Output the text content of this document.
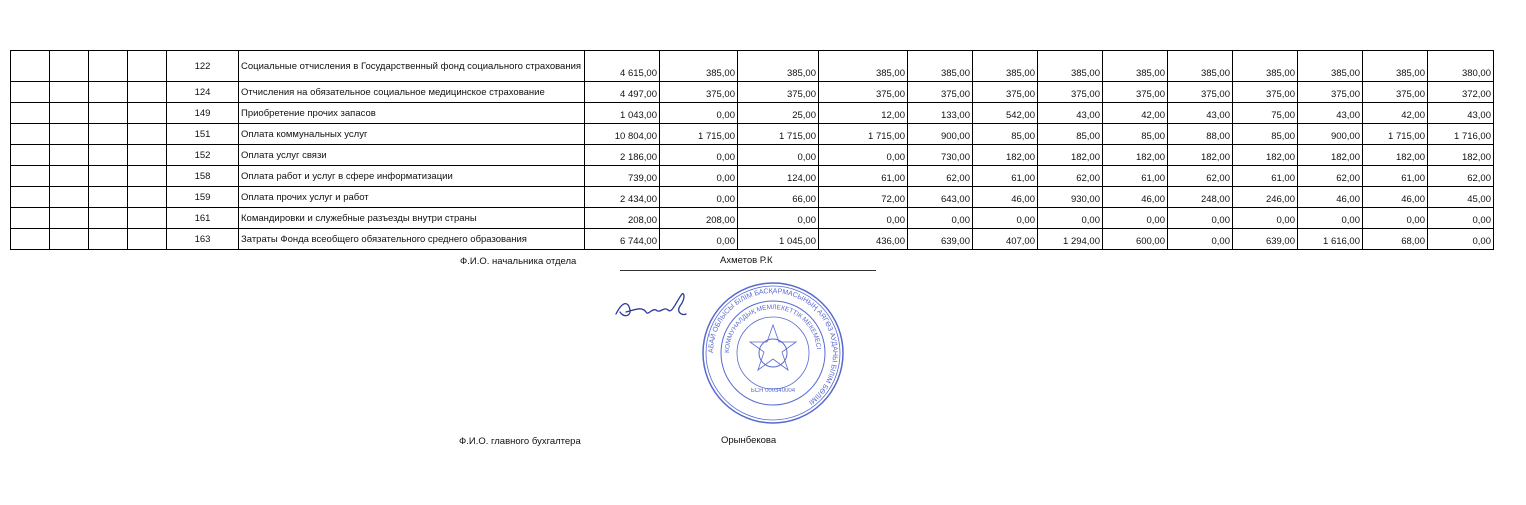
				122	Социальные отчисления в Государственный фонд социального страхования	4 615,00	385,00	385,00	385,00	385,00	385,00	385,00	385,00	385,00	385,00	385,00	385,00	380,00
				124	Отчисления на обязательное социальное медицинское страхование	4 497,00	375,00	375,00	375,00	375,00	375,00	375,00	375,00	375,00	375,00	375,00	375,00	372,00
				149	Приобретение прочих запасов	1 043,00	0,00	25,00	12,00	133,00	542,00	43,00	42,00	43,00	75,00	43,00	42,00	43,00
				151	Оплата коммунальных услуг	10 804,00	1 715,00	1 715,00	1 715,00	900,00	85,00	85,00	85,00	88,00	85,00	900,00	1 715,00	1 716,00
				152	Оплата услуг связи	2 186,00	0,00	0,00	0,00	730,00	182,00	182,00	182,00	182,00	182,00	182,00	182,00	182,00
				158	Оплата работ и услуг в сфере информатизации	739,00	0,00	124,00	61,00	62,00	61,00	62,00	61,00	62,00	61,00	62,00	61,00	62,00
				159	Оплата прочих услуг и работ	2 434,00	0,00	66,00	72,00	643,00	46,00	930,00	46,00	248,00	246,00	46,00	46,00	45,00
				161	Командировки и служебные разъезды внутри страны	208,00	208,00	0,00	0,00	0,00	0,00	0,00	0,00	0,00	0,00	0,00	0,00	0,00
				163	Затраты Фонда всеобщего обязательного среднего образования	6 744,00	0,00	1 045,00	436,00	639,00	407,00	1 294,00	600,00	0,00	639,00	1 616,00	68,00	0,00
Ф.И.О. начальника отдела	Ахметов Р.К
АБАЙ ОБЛЫСЫ БІЛІМ БАСҚАРМАСЫНЫҢ АЯГӨЗ АУДАНЫ БІЛІМ БӨЛІМІ
КОММУНАЛДЫҚ МЕМЛЕКЕТТІК МЕКЕМЕСІ
БСН 000340004
Ф.И.О. главного бухгалтера	Орынбекова
